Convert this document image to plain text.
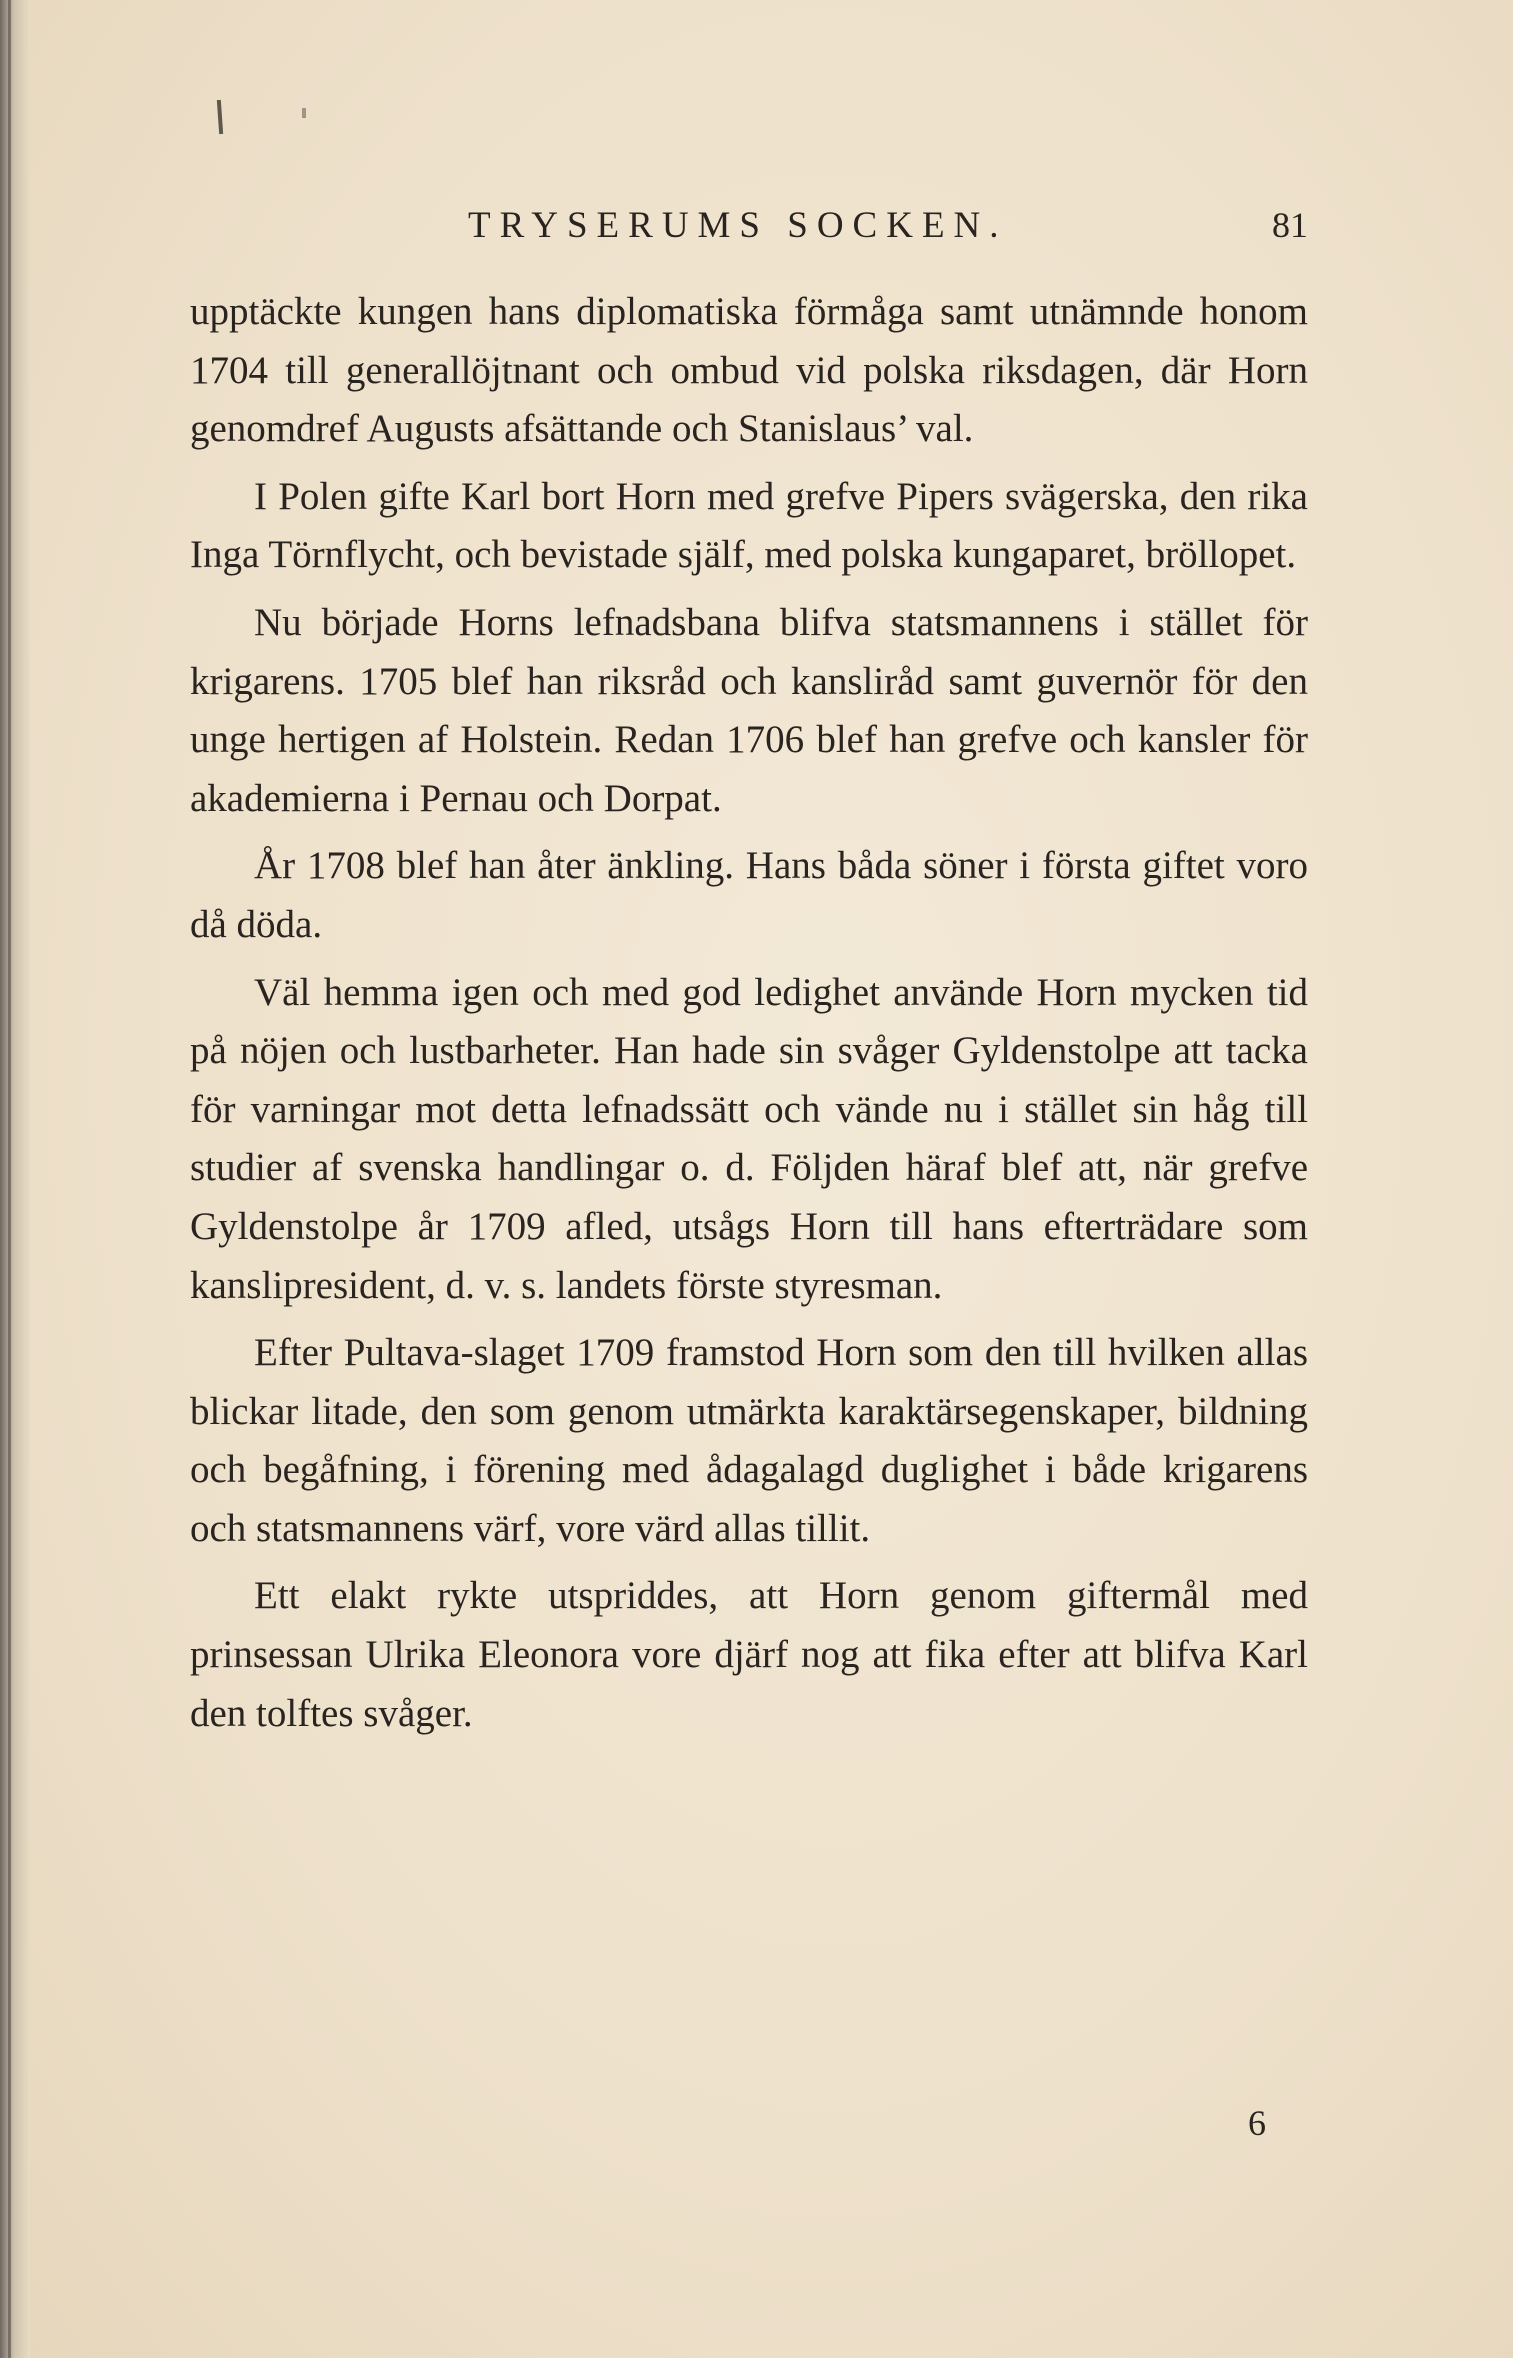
TRYSERUMS SOCKEN.	81

upptäckte kungen hans diplomatiska förmåga samt utnämnde honom 1704 till generallöjtnant och ombud vid polska riksdagen, där Horn genomdref Augusts afsättande och Stanislaus’ val.

I Polen gifte Karl bort Horn med grefve Pipers svägerska, den rika Inga Törnflycht, och bevistade själf, med polska kungaparet, bröllopet.

Nu började Horns lefnadsbana blifva statsmannens i stället för krigarens. 1705 blef han riksråd och kansliråd samt guvernör för den unge hertigen af Holstein. Redan 1706 blef han grefve och kansler för akademierna i Pernau och Dorpat.

År 1708 blef han åter änkling. Hans båda söner i första giftet voro då döda.

Väl hemma igen och med god ledighet använde Horn mycken tid på nöjen och lustbarheter. Han hade sin svåger Gyldenstolpe att tacka för varningar mot detta lefnadssätt och vände nu i stället sin håg till studier af svenska handlingar o. d. Följden häraf blef att, när grefve Gyldenstolpe år 1709 afled, utsågs Horn till hans efterträdare som kanslipresident, d. v. s. landets förste styresman.

Efter Pultava-slaget 1709 framstod Horn som den till hvilken allas blickar litade, den som genom utmärkta karaktärsegenskaper, bildning och begåfning, i förening med ådagalagd duglighet i både krigarens och statsmannens värf, vore värd allas tillit.

Ett elakt rykte utspriddes, att Horn genom giftermål med prinsessan Ulrika Eleonora vore djärf nog att fika efter att blifva Karl den tolftes svåger.

6
